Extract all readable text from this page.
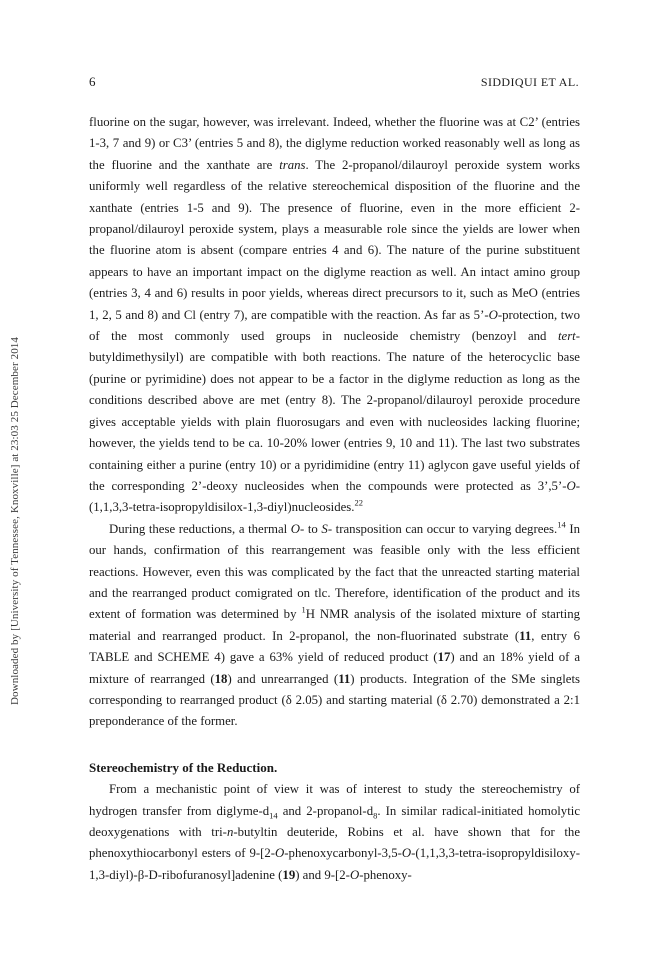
Downloaded by [University of Tennessee, Knoxville] at 23:03 25 December 2014
6	SIDDIQUI ET AL.

fluorine on the sugar, however, was irrelevant. Indeed, whether the fluorine was at C2’ (entries 1-3, 7 and 9) or C3’ (entries 5 and 8), the diglyme reduction worked reasonably well as long as the fluorine and the xanthate are trans. The 2-propanol/dilauroyl peroxide system works uniformly well regardless of the relative stereochemical disposition of the fluorine and the xanthate (entries 1-5 and 9). The presence of fluorine, even in the more efficient 2-propanol/dilauroyl peroxide system, plays a measurable role since the yields are lower when the fluorine atom is absent (compare entries 4 and 6). The nature of the purine substituent appears to have an important impact on the diglyme reaction as well. An intact amino group (entries 3, 4 and 6) results in poor yields, whereas direct precursors to it, such as MeO (entries 1, 2, 5 and 8) and Cl (entry 7), are compatible with the reaction. As far as 5’-O-protection, two of the most commonly used groups in nucleoside chemistry (benzoyl and tert-butyldimethysilyl) are compatible with both reactions. The nature of the heterocyclic base (purine or pyrimidine) does not appear to be a factor in the diglyme reduction as long as the conditions described above are met (entry 8). The 2-propanol/dilauroyl peroxide procedure gives acceptable yields with plain fluorosugars and even with nucleosides lacking fluorine; however, the yields tend to be ca. 10-20% lower (entries 9, 10 and 11). The last two substrates containing either a purine (entry 10) or a pyridimidine (entry 11) aglycon gave useful yields of the corresponding 2’-deoxy nucleosides when the compounds were protected as 3’,5’-O-(1,1,3,3-tetra-isopropyldisilox-1,3-diyl)nucleosides.$^{22}$

During these reductions, a thermal O- to S- transposition can occur to varying degrees.$^{14}$ In our hands, confirmation of this rearrangement was feasible only with the less efficient reactions. However, even this was complicated by the fact that the unreacted starting material and the rearranged product comigrated on tlc. Therefore, identification of the product and its extent of formation was determined by $^1$H NMR analysis of the isolated mixture of starting material and rearranged product. In 2-propanol, the non-fluorinated substrate (11, entry 6 TABLE and SCHEME 4) gave a 63% yield of reduced product (17) and an 18% yield of a mixture of rearranged (18) and unrearranged (11) products. Integration of the SMe singlets corresponding to rearranged product (δ 2.05) and starting material (δ 2.70) demonstrated a 2:1 preponderance of the former.

Stereochemistry of the Reduction.

From a mechanistic point of view it was of interest to study the stereochemistry of hydrogen transfer from diglyme-$d_{14}$ and $2-propanol-d_8$. In similar radical-initiated homolytic deoxygenations with tri-n-butyltin deuteride, Robins et al. have shown that for the phenoxythiocarbonyl esters of 9-[2-O-phenoxycarbonyl-3,5-O-(1,1,3,3-tetra-isopropyldisiloxy-1,3-diyl)-β-D-ribofuranosyl]adenine (19) and 9-[2-O-phenoxy-
